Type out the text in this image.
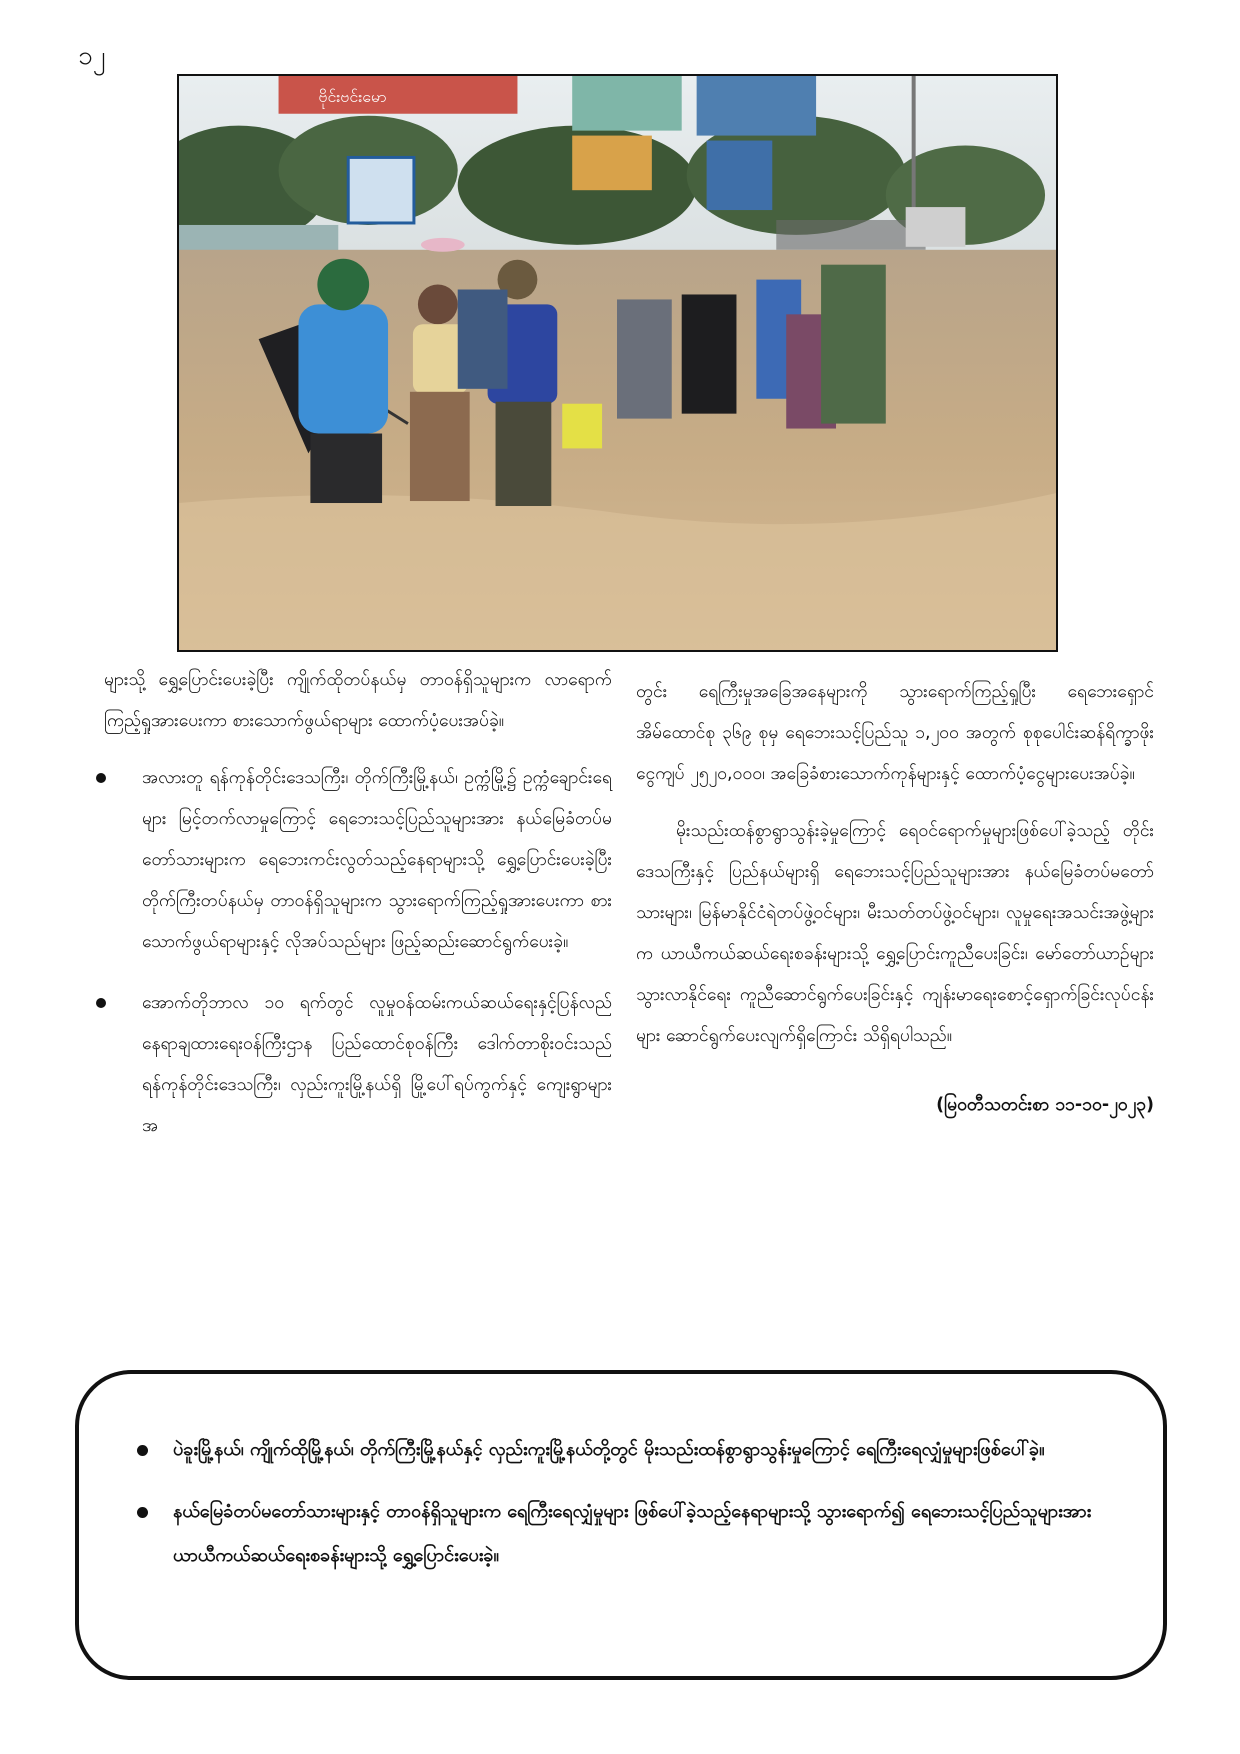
၁၂
ဗိုင်းဗင်းမော

များသို့ ရွှေ့ပြောင်းပေးခဲ့ပြီး ကျိုက်ထိုတပ်နယ်မှ တာဝန်ရှိသူများက လာရောက်ကြည့်ရှုအားပေးကာ စားသောက်ဖွယ်ရာများ ထောက်ပံ့ပေးအပ်ခဲ့။

အလားတူ ရန်ကုန်တိုင်းဒေသကြီး၊ တိုက်ကြီးမြို့နယ်၊ ဥက္ကံမြို့၌ ဥက္ကံချောင်းရေများ မြင့်တက်လာမှုကြောင့် ရေဘေးသင့်ပြည်သူများအား နယ်မြေခံတပ်မတော်သားများက ရေဘေးကင်းလွတ်သည့်နေရာများသို့ ရွှေ့ပြောင်းပေးခဲ့ပြီး တိုက်ကြီးတပ်နယ်မှ တာဝန်ရှိသူများက သွားရောက်ကြည့်ရှုအားပေးကာ စားသောက်ဖွယ်ရာများနှင့် လိုအပ်သည်များ ဖြည့်ဆည်းဆောင်ရွက်ပေးခဲ့။
အောက်တိုဘာလ ၁၀ ရက်တွင် လူမှုဝန်ထမ်းကယ်ဆယ်ရေးနှင့်ပြန်လည်နေရာချထားရေးဝန်ကြီးဌာန ပြည်ထောင်စုဝန်ကြီး ဒေါက်တာစိုးဝင်းသည် ရန်ကုန်တိုင်းဒေသကြီး၊ လှည်းကူးမြို့နယ်ရှိ မြို့ပေါ်ရပ်ကွက်နှင့် ကျေးရွာများအ

တွင်း ရေကြီးမှုအခြေအနေများကို သွားရောက်ကြည့်ရှုပြီး ရေဘေးရှောင်အိမ်ထောင်စု ၃၆၉ စုမှ ရေဘေးသင့်ပြည်သူ ၁,၂၀၀ အတွက် စုစုပေါင်းဆန်ရိက္ခာဖိုးငွေကျပ် ၂၅၂၀,၀၀၀၊ အခြေခံစားသောက်ကုန်များနှင့် ထောက်ပံ့ငွေများပေးအပ်ခဲ့။

မိုးသည်းထန်စွာရွာသွန်းခဲ့မှုကြောင့် ရေဝင်ရောက်မှုများဖြစ်ပေါ်ခဲ့သည့် တိုင်းဒေသကြီးနှင့် ပြည်နယ်များရှိ ရေဘေးသင့်ပြည်သူများအား နယ်မြေခံတပ်မတော်သားများ၊ မြန်မာနိုင်ငံရဲတပ်ဖွဲ့ဝင်များ၊ မီးသတ်တပ်ဖွဲ့ဝင်များ၊ လူမှုရေးအသင်းအဖွဲ့များက ယာယီကယ်ဆယ်ရေးစခန်းများသို့ ရွှေ့ပြောင်းကူညီပေးခြင်း၊ မော်တော်ယာဉ်များသွားလာနိုင်ရေး ကူညီဆောင်ရွက်ပေးခြင်းနှင့် ကျန်းမာရေးစောင့်ရှောက်ခြင်းလုပ်ငန်းများ ဆောင်ရွက်ပေးလျက်ရှိကြောင်း သိရှိရပါသည်။

(မြဝတီသတင်းစာ ၁၁-၁၀-၂၀၂၃)

ပဲခူးမြို့နယ်၊ ကျိုက်ထိုမြို့နယ်၊ တိုက်ကြီးမြို့နယ်နှင့် လှည်းကူးမြို့နယ်တို့တွင် မိုးသည်းထန်စွာရွာသွန်းမှုကြောင့် ရေကြီးရေလျှံမှုများဖြစ်ပေါ်ခဲ့။
နယ်မြေခံတပ်မတော်သားများနှင့် တာဝန်ရှိသူများက ရေကြီးရေလျှံမှုများ ဖြစ်ပေါ်ခဲ့သည့်နေရာများသို့ သွားရောက်၍ ရေဘေးသင့်ပြည်သူများအား ယာယီကယ်ဆယ်ရေးစခန်းများသို့ ရွှေ့ပြောင်းပေးခဲ့။
